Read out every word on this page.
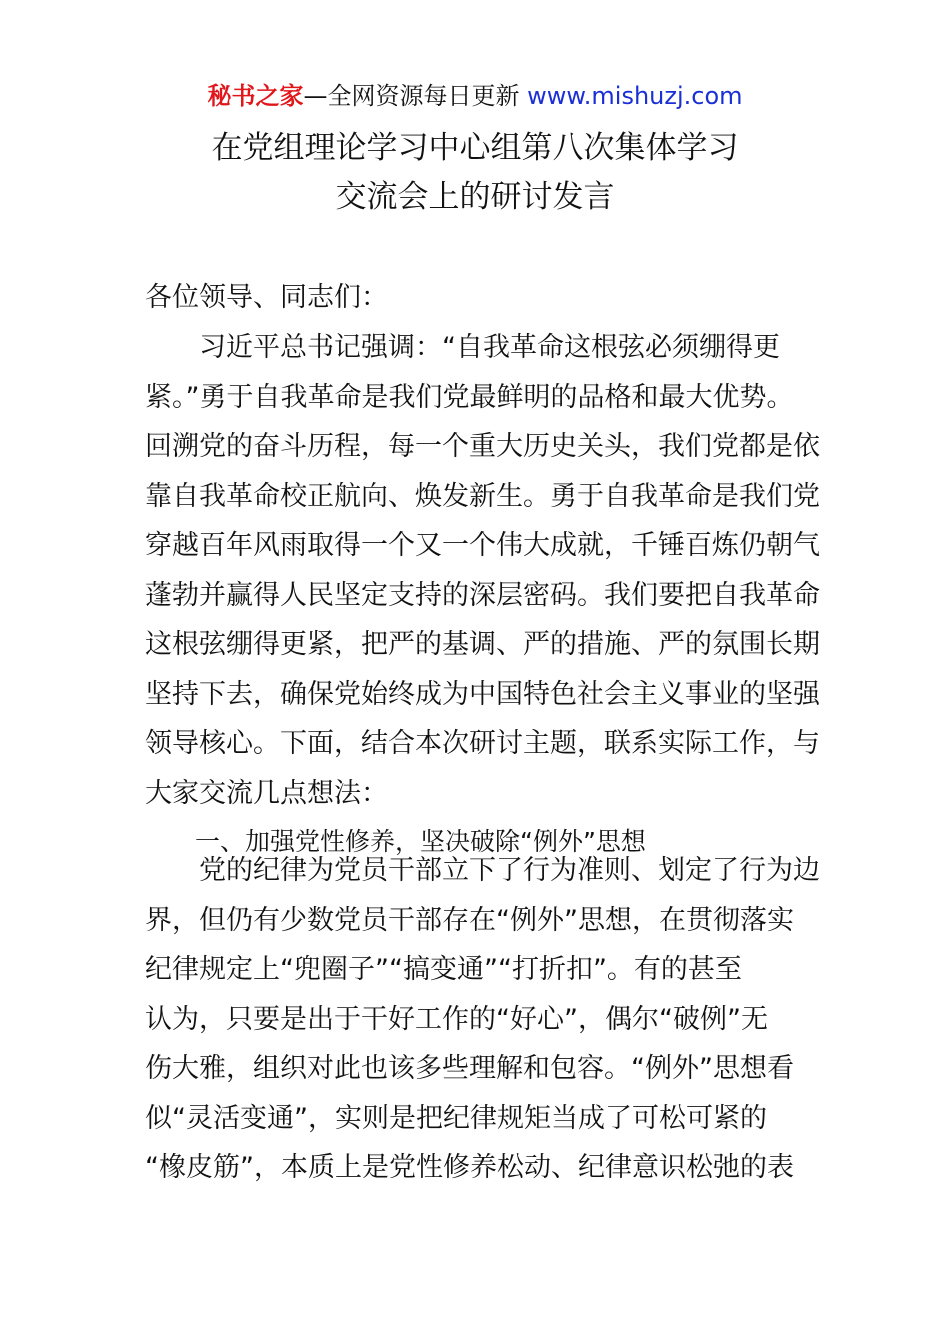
秘书之家—全网资源每日更新 www.mishuzj.com
在党组理论学习中心组第八次集体学习
交流会上的研讨发言
各位领导、同志们：
习近平总书记强调：“自我革命这根弦必须绷得更
紧。”勇于自我革命是我们党最鲜明的品格和最大优势。
回溯党的奋斗历程，每一个重大历史关头，我们党都是依
靠自我革命校正航向、焕发新生。勇于自我革命是我们党
穿越百年风雨取得一个又一个伟大成就，千锤百炼仍朝气
蓬勃并赢得人民坚定支持的深层密码。我们要把自我革命
这根弦绷得更紧，把严的基调、严的措施、严的氛围长期
坚持下去，确保党始终成为中国特色社会主义事业的坚强
领导核心。下面，结合本次研讨主题，联系实际工作，与
大家交流几点想法：
一、加强党性修养，坚决破除“例外”思想
党的纪律为党员干部立下了行为准则、划定了行为边
界，但仍有少数党员干部存在“例外”思想，在贯彻落实
纪律规定上“兜圈子”“搞变通”“打折扣”。有的甚至
认为，只要是出于干好工作的“好心”，偶尔“破例”无
伤大雅，组织对此也该多些理解和包容。“例外”思想看
似“灵活变通”，实则是把纪律规矩当成了可松可紧的
“橡皮筋”，本质上是党性修养松动、纪律意识松弛的表
